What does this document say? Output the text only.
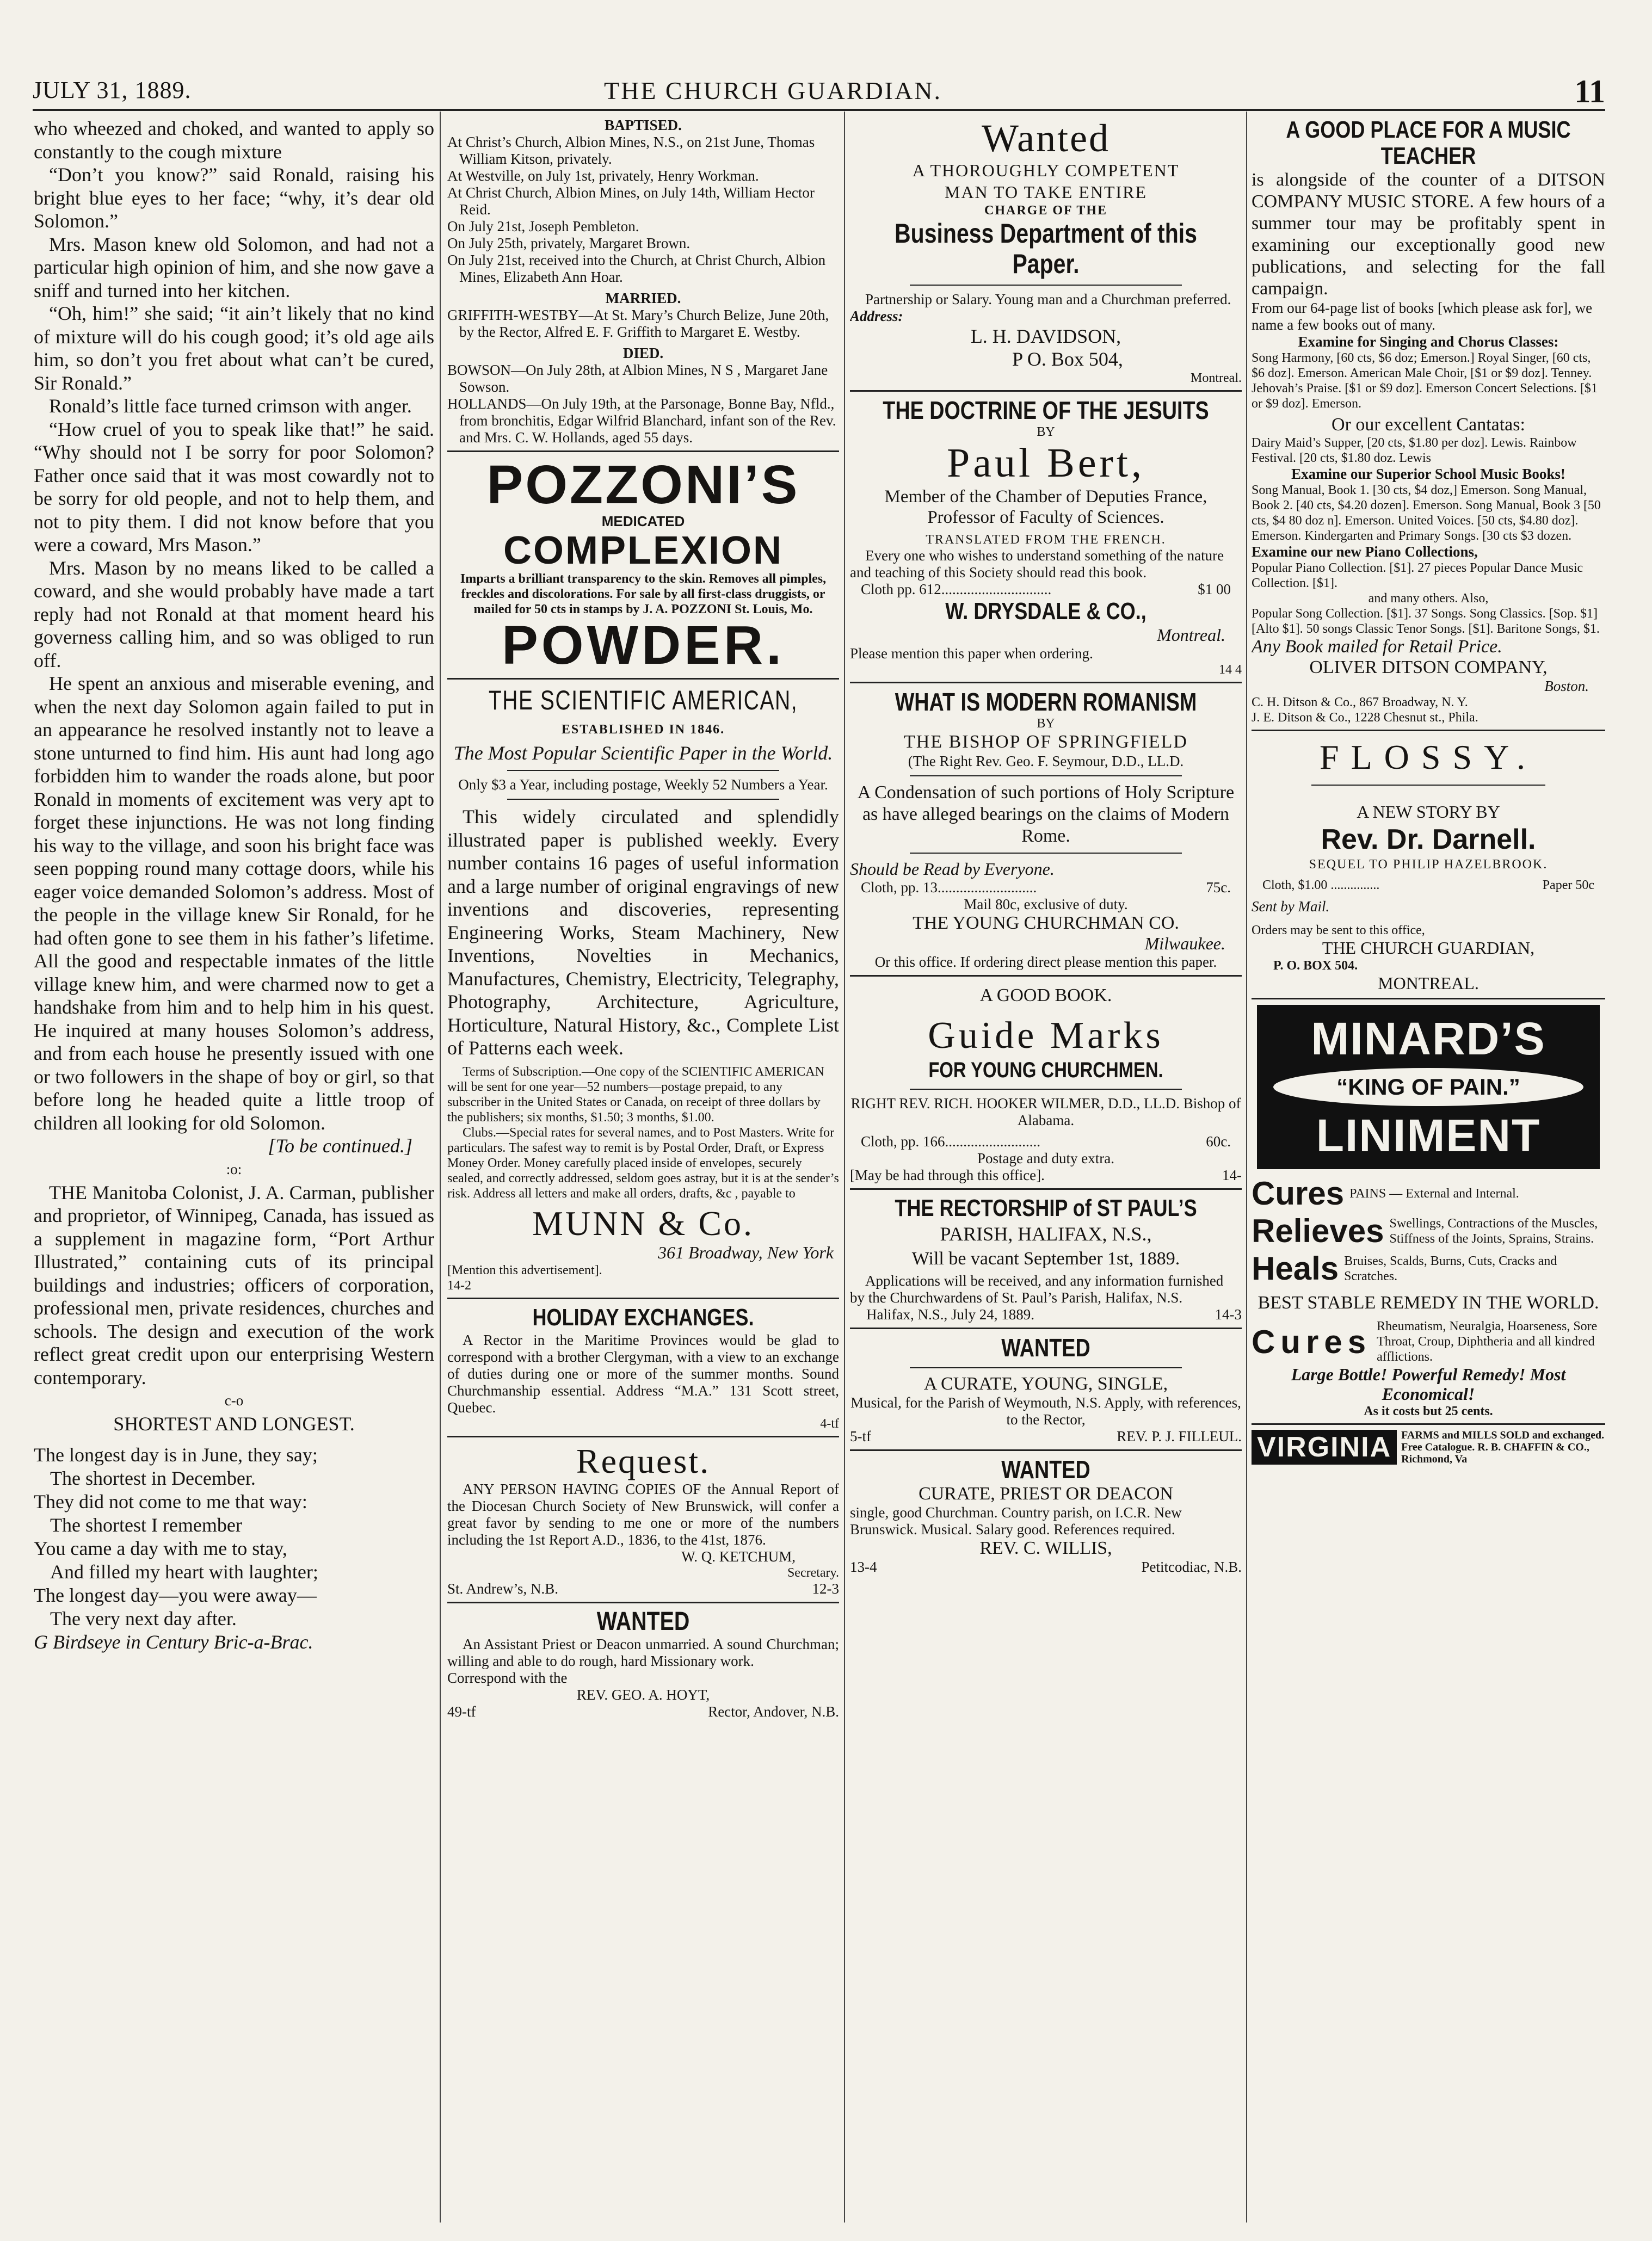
JULY 31, 1889.	THE CHURCH GUARDIAN.	11

who wheezed and choked, and wanted to apply so constantly to the cough mixture

“Don’t you know?” said Ronald, raising his bright blue eyes to her face; “why, it’s dear old Solomon.”

Mrs. Mason knew old Solomon, and had not a particular high opinion of him, and she now gave a sniff and turned into her kitchen.

“Oh, him!” she said; “it ain’t likely that no kind of mixture will do his cough good; it’s old age ails him, so don’t you fret about what can’t be cured, Sir Ronald.”

Ronald’s little face turned crimson with anger.

“How cruel of you to speak like that!” he said. “Why should not I be sorry for poor Solomon? Father once said that it was most cowardly not to be sorry for old people, and not to help them, and not to pity them. I did not know before that you were a coward, Mrs Mason.”

Mrs. Mason by no means liked to be called a coward, and she would probably have made a tart reply had not Ronald at that moment heard his governess calling him, and so was obliged to run off.

He spent an anxious and miserable evening, and when the next day Solomon again failed to put in an appearance he resolved instantly not to leave a stone unturned to find him. His aunt had long ago forbidden him to wander the roads alone, but poor Ronald in moments of excitement was very apt to forget these injunctions. He was not long finding his way to the village, and soon his bright face was seen popping round many cottage doors, while his eager voice demanded Solomon’s address. Most of the people in the village knew Sir Ronald, for he had often gone to see them in his father’s lifetime. All the good and respectable inmates of the little village knew him, and were charmed now to get a handshake from him and to help him in his quest. He inquired at many houses Solomon’s address, and from each house he presently issued with one or two followers in the shape of boy or girl, so that before long he headed quite a little troop of children all looking for old Solomon.

[To be continued.]

:o:

THE Manitoba Colonist, J. A. Carman, publisher and proprietor, of Winnipeg, Canada, has issued as a supplement in magazine form, “Port Arthur Illustrated,” containing cuts of its principal buildings and industries; officers of corporation, professional men, private residences, churches and schools. The design and execution of the work reflect great credit upon our enterprising Western contemporary.

c-o

SHORTEST AND LONGEST.

The longest day is in June, they say;

The shortest in December.

They did not come to me that way:

The shortest I remember

You came a day with me to stay,

And filled my heart with laughter;

The longest day—you were away—

The very next day after.

G Birdseye in Century Bric-a-Brac.

BAPTISED.

At Christ’s Church, Albion Mines, N.S., on 21st June, Thomas William Kitson, privately.

At Westville, on July 1st, privately, Henry Workman.

At Christ Church, Albion Mines, on July 14th, William Hector Reid.

On July 21st, Joseph Pembleton.

On July 25th, privately, Margaret Brown.

On July 21st, received into the Church, at Christ Church, Albion Mines, Elizabeth Ann Hoar.

MARRIED.

GRIFFITH-WESTBY—At St. Mary’s Church Belize, June 20th, by the Rector, Alfred E. F. Griffith to Margaret E. Westby.

DIED.

BOWSON—On July 28th, at Albion Mines, N S , Margaret Jane Sowson.

HOLLANDS—On July 19th, at the Parsonage, Bonne Bay, Nfld., from bronchitis, Edgar Wilfrid Blanchard, infant son of the Rev. and Mrs. C. W. Hollands, aged 55 days.

POZZONI’S

MEDICATED

COMPLEXION

Imparts a brilliant transparency to the skin. Removes all pimples, freckles and discolorations. For sale by all first-class druggists, or mailed for 50 cts in stamps by J. A. POZZONI St. Louis, Mo.

POWDER.

THE SCIENTIFIC AMERICAN,

ESTABLISHED IN 1846.

The Most Popular Scientific Paper in the World.

Only $3 a Year, including postage, Weekly 52 Numbers a Year.

This widely circulated and splendidly illustrated paper is published weekly. Every number contains 16 pages of useful information and a large number of original engravings of new inventions and discoveries, representing Engineering Works, Steam Machinery, New Inventions, Novelties in Mechanics, Manufactures, Chemistry, Electricity, Telegraphy, Photography, Architecture, Agriculture, Horticulture, Natural History, &c., Complete List of Patterns each week.

Terms of Subscription.—One copy of the SCIENTIFIC AMERICAN will be sent for one year—52 numbers—postage prepaid, to any subscriber in the United States or Canada, on receipt of three dollars by the publishers; six months, $1.50; 3 months, $1.00.

Clubs.—Special rates for several names, and to Post Masters. Write for particulars. The safest way to remit is by Postal Order, Draft, or Express Money Order. Money carefully placed inside of envelopes, securely sealed, and correctly addressed, seldom goes astray, but it is at the sender’s risk. Address all letters and make all orders, drafts, &c , payable to

MUNN & Co.

361 Broadway, New York

[Mention this advertisement].

14-2

HOLIDAY EXCHANGES.

A Rector in the Maritime Provinces would be glad to correspond with a brother Clergyman, with a view to an exchange of duties during one or more of the summer months. Sound Churchmanship essential. Address “M.A.” 131 Scott street, Quebec.

4-tf

Request.

ANY PERSON HAVING COPIES OF the Annual Report of the Diocesan Church Society of New Brunswick, will confer a great favor by sending to me one or more of the numbers including the 1st Report A.D., 1836, to the 41st, 1876.

W. Q. KETCHUM,

Secretary.

St. Andrew’s, N.B.	12-3
WANTED

An Assistant Priest or Deacon unmarried. A sound Churchman; willing and able to do rough, hard Missionary work.

Correspond with the

REV. GEO. A. HOYT,

49-tf	Rector, Andover, N.B.

Wanted

A THOROUGHLY COMPETENT

MAN TO TAKE ENTIRE

CHARGE OF THE

Business Department of this Paper.

Partnership or Salary. Young man and a Churchman preferred.

Address:

L. H. DAVIDSON,

P O. Box 504,

Montreal.

THE DOCTRINE OF THE JESUITS

BY

Paul Bert,

Member of the Chamber of Deputies France, Professor of Faculty of Sciences.

TRANSLATED FROM THE FRENCH.

Every one who wishes to understand something of the nature and teaching of this Society should read this book.

Cloth pp. 612..............................	$1 00
W. DRYSDALE & CO.,

Montreal.

Please mention this paper when ordering.

14 4

WHAT IS MODERN ROMANISM

BY

THE BISHOP OF SPRINGFIELD

(The Right Rev. Geo. F. Seymour, D.D., LL.D.

A Condensation of such portions of Holy Scripture as have alleged bearings on the claims of Modern Rome.

Should be Read by Everyone.

Cloth, pp. 13...........................	75c.

Mail 80c, exclusive of duty.

THE YOUNG CHURCHMAN CO.

Milwaukee.

Or this office. If ordering direct please mention this paper.

A GOOD BOOK.

Guide Marks

FOR YOUNG CHURCHMEN.

RIGHT REV. RICH. HOOKER WILMER, D.D., LL.D. Bishop of Alabama.

Cloth, pp. 166..........................	60c.

Postage and duty extra.

[May be had through this office].	14-
THE RECTORSHIP of ST PAUL’S

PARISH, HALIFAX, N.S.,

Will be vacant September 1st, 1889.

Applications will be received, and any information furnished by the Churchwardens of St. Paul’s Parish, Halifax, N.S.

Halifax, N.S., July 24, 1889.	14-3
WANTED

A CURATE, YOUNG, SINGLE,

Musical, for the Parish of Weymouth, N.S. Apply, with references, to the Rector,

5-tf	REV. P. J. FILLEUL.
WANTED

CURATE, PRIEST OR DEACON

single, good Churchman. Country parish, on I.C.R. New Brunswick. Musical. Salary good. References required.

REV. C. WILLIS,

13-4	Petitcodiac, N.B.
A GOOD PLACE FOR A MUSIC TEACHER

is alongside of the counter of a DITSON COMPANY MUSIC STORE. A few hours of a summer tour may be profitably spent in examining our exceptionally good new publications, and selecting for the fall campaign.

From our 64-page list of books [which please ask for], we name a few books out of many.

Examine for Singing and Chorus Classes:

Song Harmony, [60 cts, $6 doz; Emerson.] Royal Singer, [60 cts, $6 doz]. Emerson. American Male Choir, [$1 or $9 doz]. Tenney. Jehovah’s Praise. [$1 or $9 doz]. Emerson Concert Selections. [$1 or $9 doz]. Emerson.

Or our excellent Cantatas:

Dairy Maid’s Supper, [20 cts, $1.80 per doz]. Lewis. Rainbow Festival. [20 cts, $1.80 doz. Lewis

Examine our Superior School Music Books!

Song Manual, Book 1. [30 cts, $4 doz,] Emerson. Song Manual, Book 2. [40 cts, $4.20 dozen]. Emerson. Song Manual, Book 3 [50 cts, $4 80 doz n]. Emerson. United Voices. [50 cts, $4.80 doz]. Emerson. Kindergarten and Primary Songs. [30 cts $3 dozen.

Examine our new Piano Collections,

Popular Piano Collection. [$1]. 27 pieces Popular Dance Music Collection. [$1].

and many others. Also,

Popular Song Collection. [$1]. 37 Songs. Song Classics. [Sop. $1] [Alto $1]. 50 songs Classic Tenor Songs. [$1]. Baritone Songs, $1.

Any Book mailed for Retail Price.

OLIVER DITSON COMPANY,

Boston.

C. H. Ditson & Co., 867 Broadway, N. Y.

J. E. Ditson & Co., 1228 Chesnut st., Phila.

FLOSSY.

A NEW STORY BY

Rev. Dr. Darnell.

SEQUEL TO PHILIP HAZELBROOK.

Cloth, $1.00 ...............	Paper 50c

Sent by Mail.

Orders may be sent to this office,

THE CHURCH GUARDIAN,

P. O. BOX 504.

MONTREAL.

MINARD’S

“KING OF PAIN.”

LINIMENT

Cures PAINS — External and Internal.
Relieves Swellings, Contractions of the Muscles, Stiffness of the Joints, Sprains, Strains.
Heals Bruises, Scalds, Burns, Cuts, Cracks and Scratches.

BEST STABLE REMEDY IN THE WORLD.

Cures Rheumatism, Neuralgia, Hoarseness, Sore Throat, Croup, Diphtheria and all kindred afflictions.

Large Bottle! Powerful Remedy! Most Economical!

As it costs but 25 cents.

VIRGINIA FARMS and MILLS SOLD and exchanged. Free Catalogue. R. B. CHAFFIN & CO., Richmond, Va
